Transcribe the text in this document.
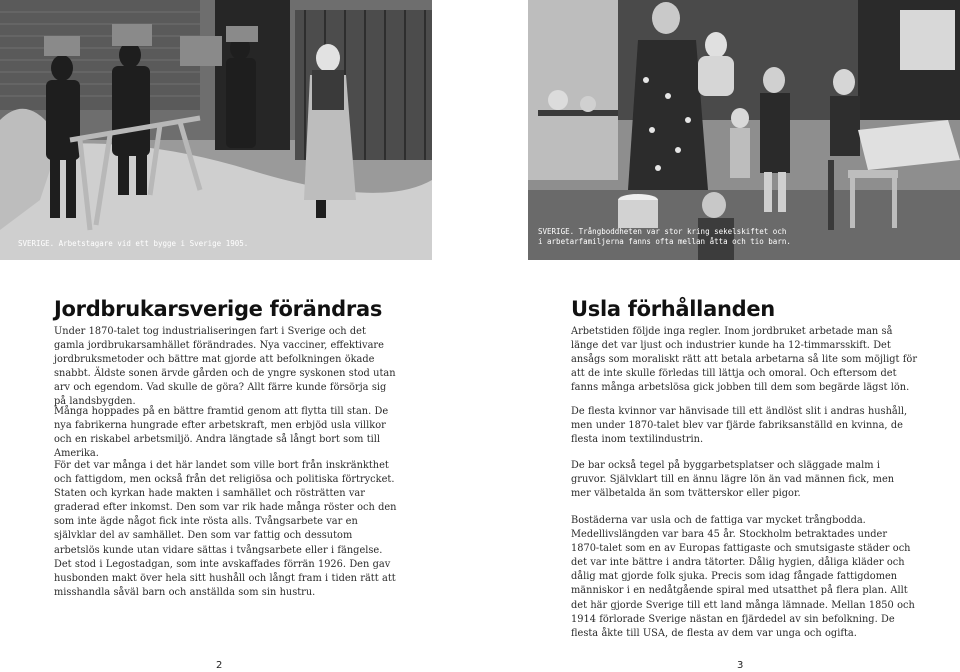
SVERIGE. Arbetstagare vid ett bygge i Sverige 1905.
SVERIGE. Trångboddheten var stor kring sekelskiftet och
i arbetarfamiljerna fanns ofta mellan åtta och tio barn.
Jordbrukarsverige förändras

Under 1870-talet tog industrialiseringen fart i Sverige och det gamla jordbrukarsamhället förändrades. Nya vacciner, effektivare jordbruksmetoder och bättre mat gjorde att befolkningen ökade snabbt. Äldste sonen ärvde gården och de yngre syskonen stod utan arv och egendom. Vad skulle de göra? Allt färre kunde försörja sig på landsbygden.

Många hoppades på en bättre framtid genom att flytta till stan. De nya fabrikerna hungrade efter arbetskraft, men erbjöd usla villkor och en riskabel arbetsmiljö. Andra längtade så långt bort som till Amerika.

För det var många i det här landet som ville bort från inskränkthet och fattigdom, men också från det religiösa och politiska förtrycket. Staten och kyrkan hade makten i samhället och rösträtten var graderad efter inkomst. Den som var rik hade många röster och den som inte ägde något fick inte rösta alls. Tvångsarbete var en självklar del av samhället. Den som var fattig och dessutom arbetslös kunde utan vidare sättas i tvångsarbete eller i fängelse. Det stod i Legostadgan, som inte avskaffades förrän 1926. Den gav husbonden makt över hela sitt hushåll och långt fram i tiden rätt att misshandla såväl barn och anställda som sin hustru.

2
Usla förhållanden

Arbetstiden följde inga regler. Inom jordbruket arbetade man så länge det var ljust och industrier kunde ha 12-timmarsskift. Det ansågs som moraliskt rätt att betala arbetarna så lite som möjligt för att de inte skulle förledas till lättja och omoral. Och eftersom det fanns många arbetslösa gick jobben till dem som begärde lägst lön.

De flesta kvinnor var hänvisade till ett ändlöst slit i andras hushåll, men under 1870-talet blev var fjärde fabriksanställd en kvinna, de flesta inom textilindustrin.

De bar också tegel på byggarbetsplatser och släggade malm i gruvor. Självklart till en ännu lägre lön än vad männen fick, men mer välbetalda än som tvätterskor eller pigor.

Bostäderna var usla och de fattiga var mycket trångbodda. Medellivslängden var bara 45 år. Stockholm betraktades under 1870-talet som en av Europas fattigaste och smutsigaste städer och det var inte bättre i andra tätorter. Dålig hygien, dåliga kläder och dålig mat gjorde folk sjuka. Precis som idag fångade fattigdomen människor i en nedåtgående spiral med utsatthet på flera plan. Allt det här gjorde Sverige till ett land många lämnade. Mellan 1850 och 1914 förlorade Sverige nästan en fjärdedel av sin befolkning. De flesta åkte till USA, de flesta av dem var unga och ogifta.

3
